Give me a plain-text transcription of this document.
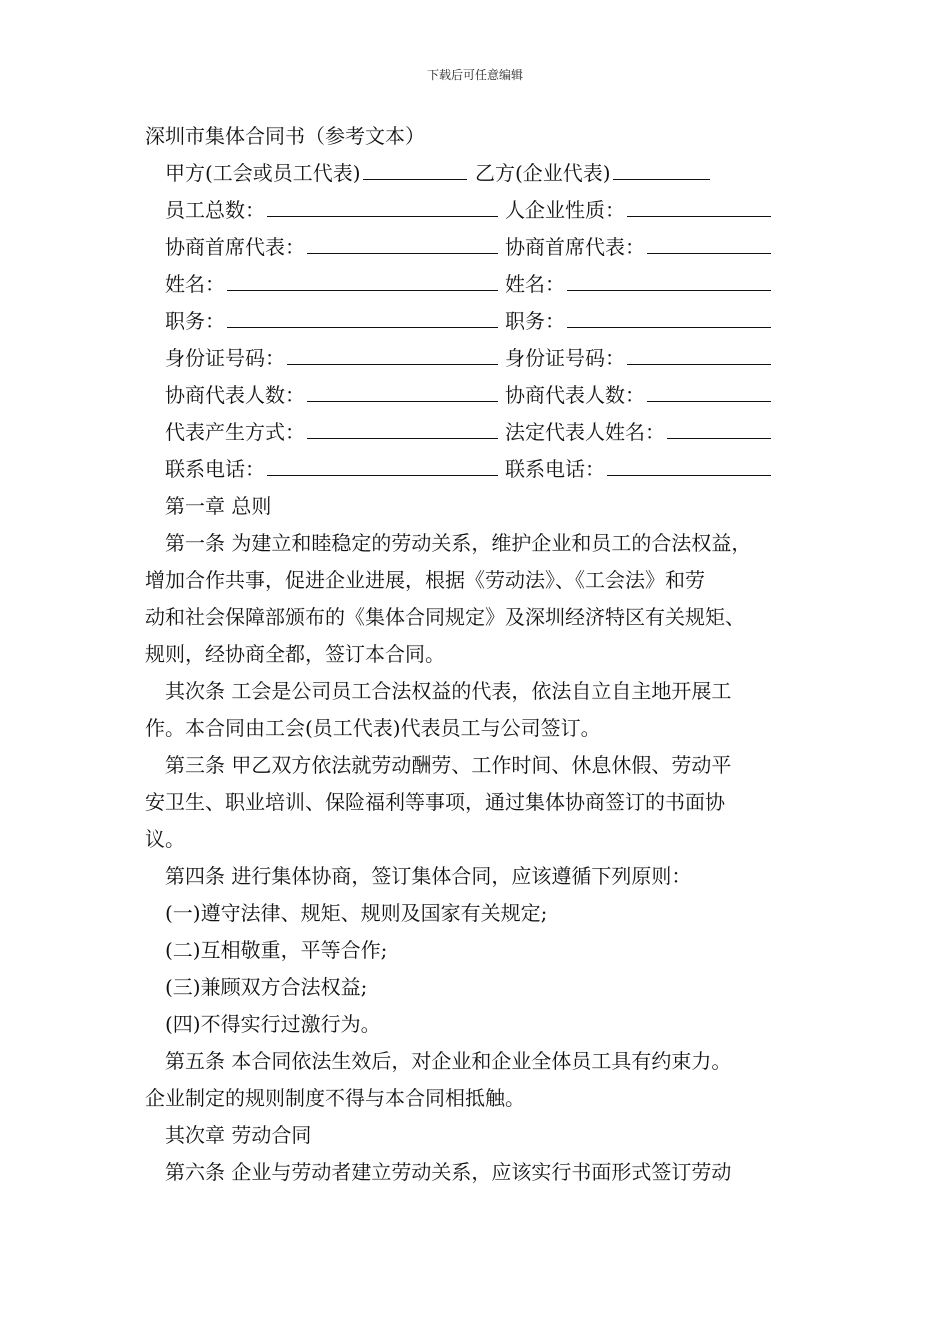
下载后可任意编辑
深圳市集体合同书（参考文本）
甲方(工会或员工代表)	乙方(企业代表)
员工总数：	人企业性质：
协商首席代表：	协商首席代表：
姓名：	姓名：
职务：	职务：
身份证号码：	身份证号码：
协商代表人数：	协商代表人数：
代表产生方式：	法定代表人姓名：
联系电话：	联系电话：
第一章 总则
第一条 为建立和睦稳定的劳动关系，维护企业和员工的合法权益，
增加合作共事，促进企业进展，根据《劳动法》、《工会法》和劳
动和社会保障部颁布的《集体合同规定》及深圳经济特区有关规矩、
规则，经协商全都，签订本合同。
其次条 工会是公司员工合法权益的代表，依法自立自主地开展工
作。本合同由工会(员工代表)代表员工与公司签订。
第三条 甲乙双方依法就劳动酬劳、工作时间、休息休假、劳动平
安卫生、职业培训、保险福利等事项，通过集体协商签订的书面协
议。
第四条 进行集体协商，签订集体合同，应该遵循下列原则：
(一)遵守法律、规矩、规则及国家有关规定;
(二)互相敬重，平等合作;
(三)兼顾双方合法权益;
(四)不得实行过激行为。
第五条 本合同依法生效后，对企业和企业全体员工具有约束力。
企业制定的规则制度不得与本合同相抵触。
其次章 劳动合同
第六条 企业与劳动者建立劳动关系，应该实行书面形式签订劳动
